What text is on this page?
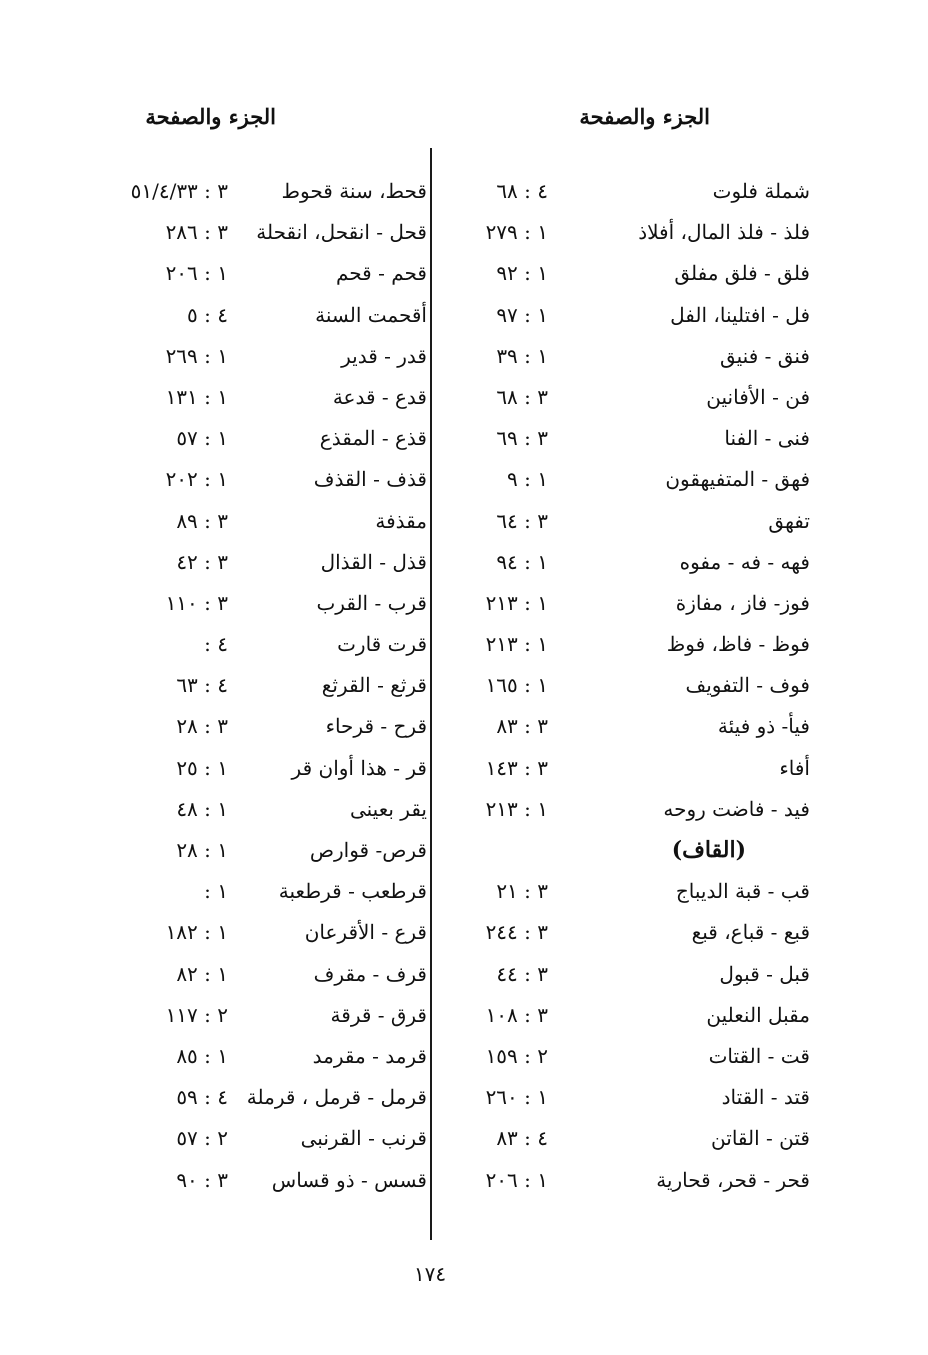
الجزء والصفحة
الجزء والصفحة
شملة فلوت
٤ : ٦٨
فلذ - فلذ المال، أفلاذ
١ : ٢٧٩
فلق - فلق مفلق
١ : ٩٢
فل - افتلينا، الفل
١ : ٩٧
فنق - فنيق
١ : ٣٩
فن - الأفانين
٣ : ٦٨
فنى - الفنا
٣ : ٦٩
فهق - المتفيهقون
١ : ٩
تفهق
٣ : ٦٤
فهه - فه - مفوه
١ : ٩٤
فوز- فاز ، مفازة
١ : ٢١٣
فوظ - فاظ، فوظ
١ : ٢١٣
فوف - التفويف
١ : ١٦٥
فيأ- ذو فيئة
٣ : ٨٣
أفاء
٣ : ١٤٣
فيد - فاضت روحه
١ : ٢١٣
(القاف)
قب - قبة الديباج
٣ : ٢١
قبع - قباع، قبع
٣ : ٢٤٤
قبل - قبول
٣ : ٤٤
مقبل النعلين
٣ : ١٠٨
قت - القتات
٢ : ١٥٩
قتد - القتاد
١ : ٢٦٠
قتن - القاتن
٤ : ٨٣
قحر - قحر، قحارية
١ : ٢٠٦
قحط، سنة قحوط
٣ : ٥١/٤/٣٣
قحل - انقحل، انقحلة
٣ : ٢٨٦
قحم - قحم
١ : ٢٠٦
أقحمت السنة
٤ : ٥
قدر - قدير
١ : ٢٦٩
قدع - قدعة
١ : ١٣١
قذع - المقذع
١ : ٥٧
قذف - القذف
١ : ٢٠٢
مقذفة
٣ : ٨٩
قذل - القذال
٣ : ٤٢
قرب - القرب
٣ : ١١٠
قرت قارت
٤ :
قرثع - القرثع
٤ : ٦٣
قرح - قرحاء
٣ : ٢٨
قر - هذا أوان قر
١ : ٢٥
يقر بعينى
١ : ٤٨
قرص- قوارص
١ : ٢٨
قرطعب - قرطعبة
١ :
قرع - الأقرعان
١ : ١٨٢
قرف - مقرف
١ : ٨٢
قرق - قرقة
٢ : ١١٧
قرمد - مقرمد
١ : ٨٥
قرمل - قرمل ، قرملة
٤ : ٥٩
قرنب - القرنبى
٢ : ٥٧
قسس - ذو قساس
٣ : ٩٠
١٧٤
